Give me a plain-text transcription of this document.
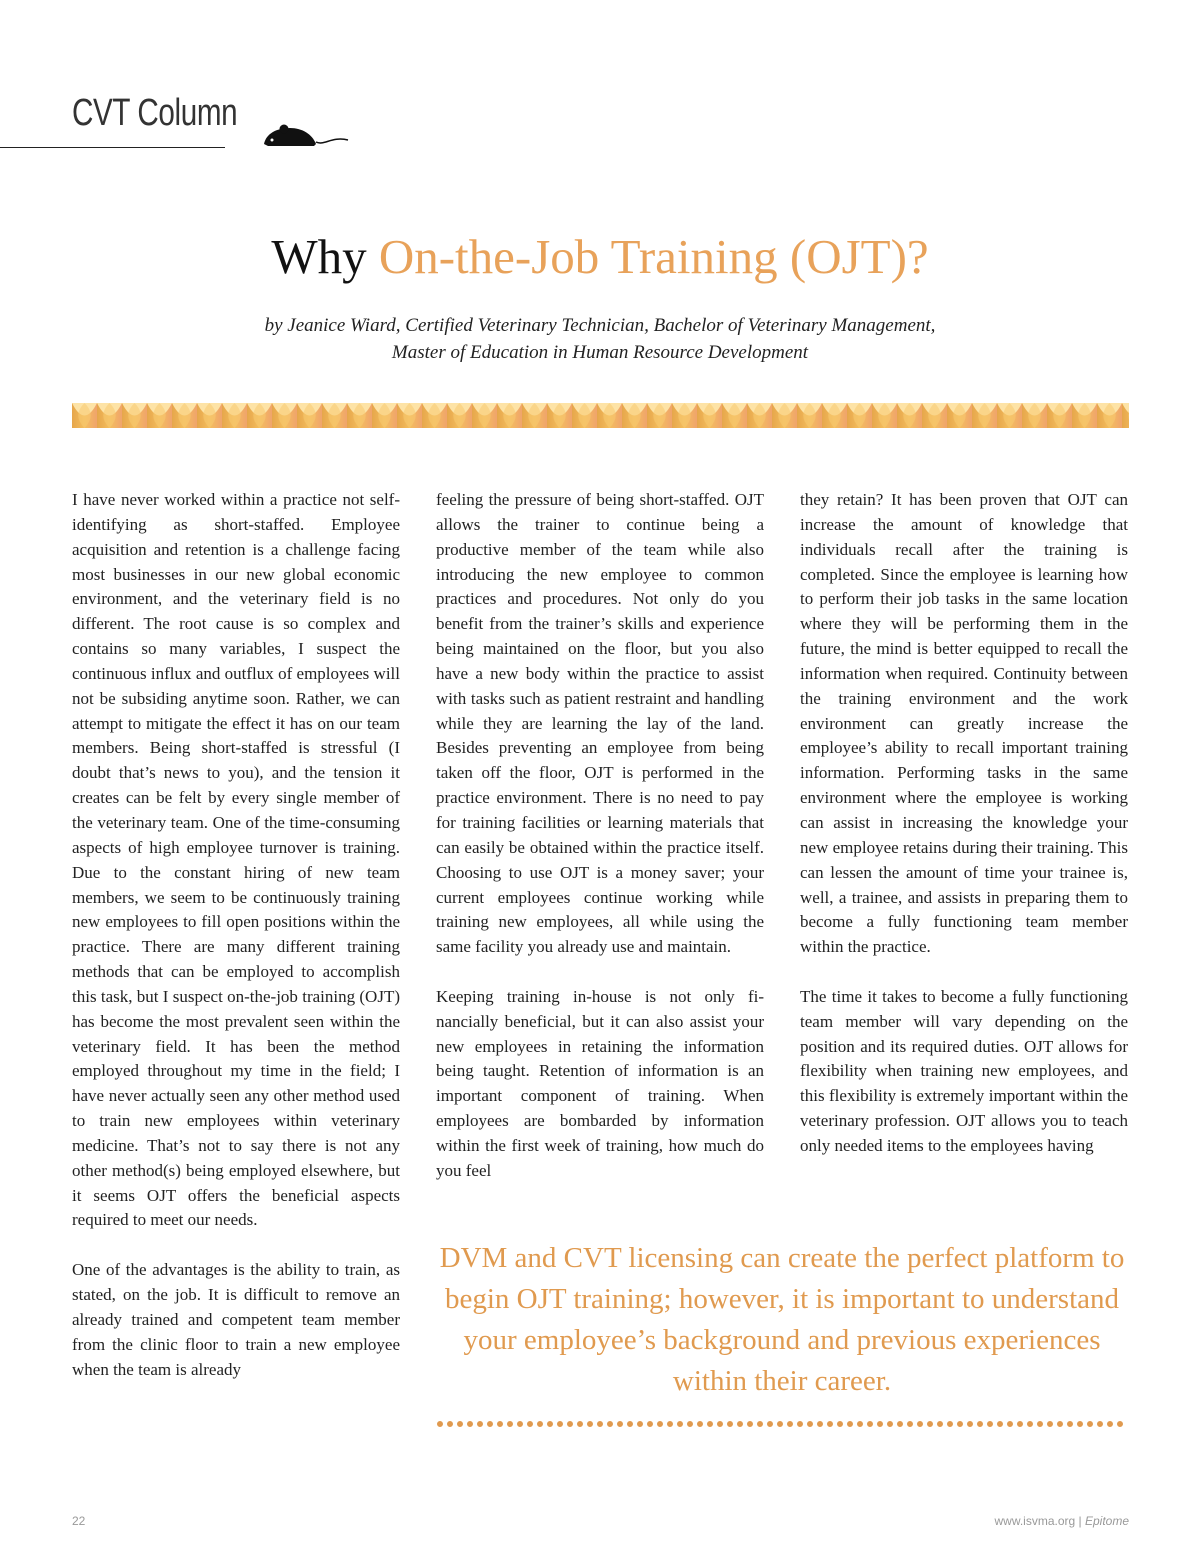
CVT Column
Why On-the-Job Training (OJT)?
by Jeanice Wiard, Certified Veterinary Technician, Bachelor of Veterinary Management,
Master of Education in Human Resource Development

I have never worked within a practice not self-identifying as short-staffed. Employee acquisition and retention is a challenge facing most businesses in our new global economic environment, and the veterinary field is no different. The root cause is so complex and contains so many variables, I suspect the continuous influx and outflux of employees will not be subsiding anytime soon. Rather, we can attempt to mitigate the effect it has on our team members. Being short-staffed is stressful (I doubt that’s news to you), and the tension it creates can be felt by every single member of the veterinary team. One of the time-consuming aspects of high employee turnover is training. Due to the constant hiring of new team members, we seem to be continuously training new employees to fill open positions within the practice. There are many different training methods that can be employed to accomplish this task, but I suspect on-the-job training (OJT) has become the most prevalent seen within the veterinary field. It has been the method employed throughout my time in the field; I have never actually seen any other method used to train new employees within veterinary medicine. That’s not to say there is not any other method(s) being employed elsewhere, but it seems OJT offers the beneficial aspects required to meet our needs.

One of the advantages is the ability to train, as stated, on the job. It is difficult to remove an already trained and competent team member from the clinic floor to train a new employee when the team is already

feeling the pressure of being short-staffed. OJT allows the trainer to continue being a productive member of the team while also introducing the new employee to common practices and procedures. Not only do you benefit from the trainer’s skills and experience being maintained on the floor, but you also have a new body within the practice to assist with tasks such as patient restraint and handling while they are learning the lay of the land. Besides preventing an employee from being taken off the floor, OJT is performed in the practice environment. There is no need to pay for training facilities or learning materials that can easily be obtained within the practice itself. Choosing to use OJT is a money saver; your current employees continue working while training new employees, all while using the same facility you already use and maintain.

Keeping training in-house is not only financially beneficial, but it can also assist your new employees in retaining the information being taught. Retention of information is an important component of training. When employees are bombarded by information within the first week of training, how much do you feel

they retain? It has been proven that OJT can increase the amount of knowledge that individuals recall after the training is completed. Since the employee is learning how to perform their job tasks in the same location where they will be performing them in the future, the mind is better equipped to recall the information when required. Continuity between the training environment and the work environment can greatly increase the employee’s ability to recall important training information. Performing tasks in the same environment where the employee is working can assist in increasing the knowledge your new employee retains during their training. This can lessen the amount of time your trainee is, well, a trainee, and assists in preparing them to become a fully functioning team member within the practice.

The time it takes to become a fully functioning team member will vary depending on the position and its required duties. OJT allows for flexibility when training new employees, and this flexibility is extremely important within the veterinary profession. OJT allows you to teach only needed items to the employees having

DVM and CVT licensing can create the perfect platform to begin OJT training; however, it is important to understand your employee’s background and previous experiences within their career.
22	www.isvma.org | Epitome
